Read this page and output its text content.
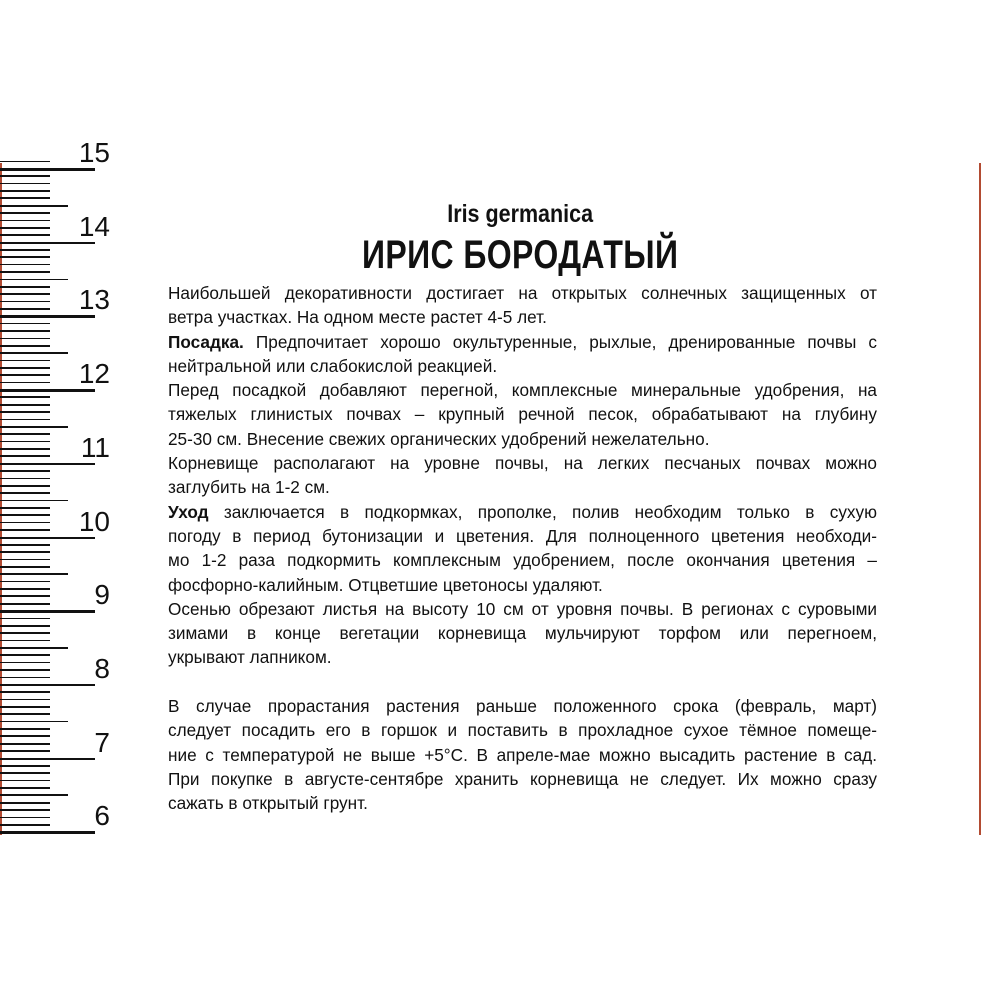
15
14
13
12
11
10
9
8
7
6
Iris germanica
ИРИС БОРОДАТЫЙ
Наибольшей декоративности достигает на открытых солнечных защищенных от
ветра участках. На одном месте растет 4-5 лет.
Посадка. Предпочитает хорошо окультуренные, рыхлые, дренированные почвы с
нейтральной или слабокислой реакцией.
Перед посадкой добавляют перегной, комплексные минеральные удобрения, на
тяжелых глинистых почвах – крупный речной песок, обрабатывают на глубину
25-30 см. Внесение свежих органических удобрений нежелательно.
Корневище располагают на уровне почвы, на легких песчаных почвах можно
заглубить на 1-2 см.
Уход заключается в подкормках, прополке, полив необходим только в сухую
погоду в период бутонизации и цветения. Для полноценного цветения необходи-
мо 1-2 раза подкормить комплексным удобрением, после окончания цветения –
фосфорно-калийным. Отцветшие цветоносы удаляют.
Осенью обрезают листья на высоту 10 см от уровня почвы. В регионах с суровыми
зимами в конце вегетации корневища мульчируют торфом или перегноем,
укрывают лапником.
В случае прорастания растения раньше положенного срока (февраль, март)
следует посадить его в горшок и поставить в прохладное сухое тёмное помеще-
ние с температурой не выше +5°С. В апреле-мае можно высадить растение в сад.
При покупке в августе-сентябре хранить корневища не следует. Их можно сразу
сажать в открытый грунт.
